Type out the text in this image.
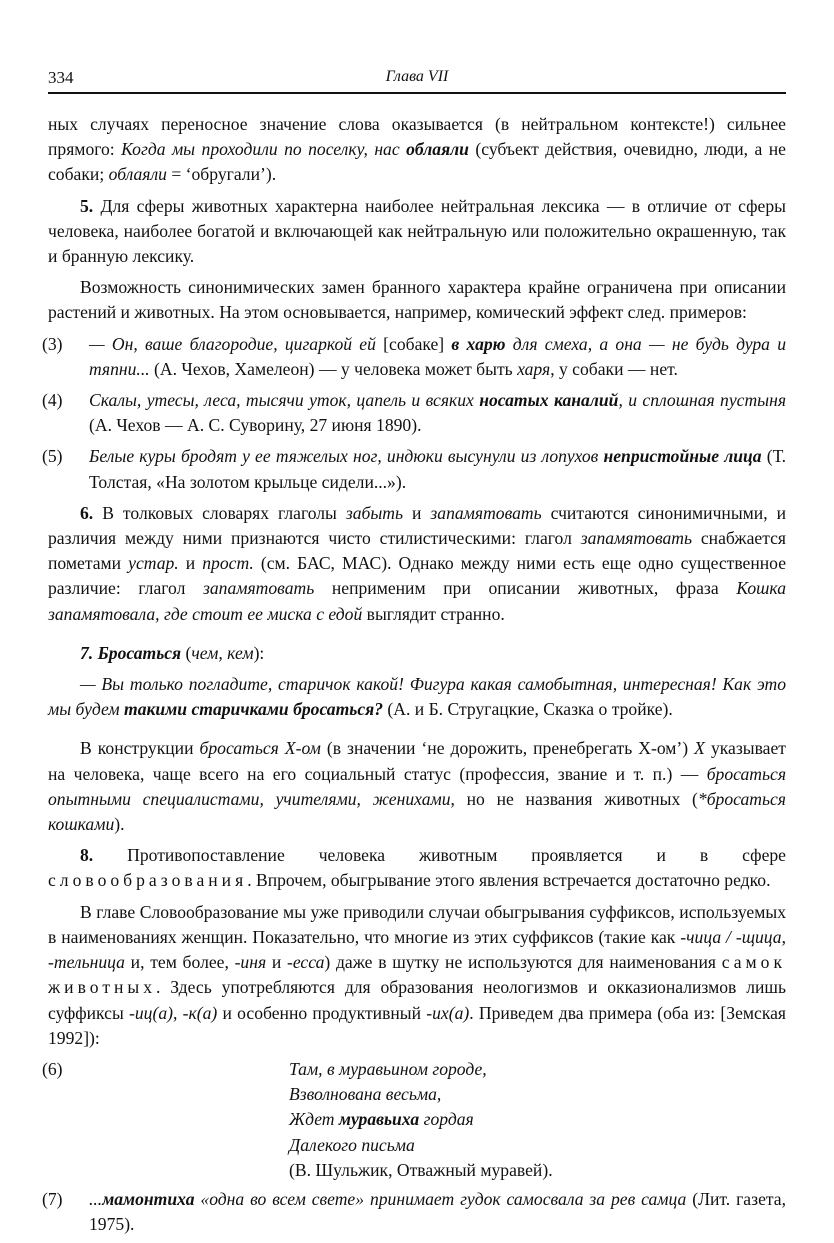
334	Глава VII

ных случаях переносное значение слова оказывается (в нейтральном контексте!) сильнее прямого: Когда мы проходили по поселку, нас облаяли (субъект действия, очевидно, люди, а не собаки; облаяли = ‘обругали’).

5. Для сферы животных характерна наиболее нейтральная лексика — в отличие от сферы человека, наиболее богатой и включающей как нейтральную или положительно окрашенную, так и бранную лексику.

Возможность синонимических замен бранного характера крайне ограничена при описании растений и животных. На этом основывается, например, комический эффект след. примеров:

(3)	— Он, ваше благородие, цигаркой ей [собаке] в харю для смеха, а она — не будь дура и тяпни... (А. Чехов, Хамелеон) — у человека может быть харя, у собаки — нет.
(4)	Скалы, утесы, леса, тысячи уток, цапель и всяких носатых каналий, и сплошная пустыня (А. Чехов — А. С. Суворину, 27 июня 1890).
(5)	Белые куры бродят у ее тяжелых ног, индюки высунули из лопухов непристойные лица (Т. Толстая, «На золотом крыльце сидели...»).

6. В толковых словарях глаголы забыть и запамятовать считаются синонимичными, и различия между ними признаются чисто стилистическими: глагол запамятовать снабжается пометами устар. и прост. (см. БАС, МАС). Однако между ними есть еще одно существенное различие: глагол запамятовать неприменим при описании животных, фраза Кошка запамятовала, где стоит ее миска с едой выглядит странно.

7. Бросаться (чем, кем):

— Вы только погладите, старичок какой! Фигура какая самобытная, интересная! Как это мы будем такими старичками бросаться? (А. и Б. Стругацкие, Сказка о тройке).

В конструкции бросаться Х-ом (в значении ‘не дорожить, пренебрегать Х-ом’) Х указывает на человека, чаще всего на его социальный статус (профессия, звание и т. п.) — бросаться опытными специалистами, учителями, женихами, но не названия животных (*бросаться кошками).

8. Противопоставление человека животным проявляется и в сфере словообразования. Впрочем, обыгрывание этого явления встречается достаточно редко.

В главе Словообразование мы уже приводили случаи обыгрывания суффиксов, используемых в наименованиях женщин. Показательно, что многие из этих суффиксов (такие как -чица / -щица, -тельница и, тем более, -иня и -есса) даже в шутку не используются для наименования самок животных. Здесь употребляются для образования неологизмов и окказионализмов лишь суффиксы -иц(а), -к(а) и особенно продуктивный -их(а). Приведем два примера (оба из: [Земская 1992]):

(6)	Там, в муравьином городе,
Взволнована весьма,
Ждет муравьиха гордая
Далекого письма
(В. Шульжик, Отважный муравей).
(7)	...мамонтиха «одна во всем свете» принимает гудок самосвала за рев самца (Лит. газета, 1975).
